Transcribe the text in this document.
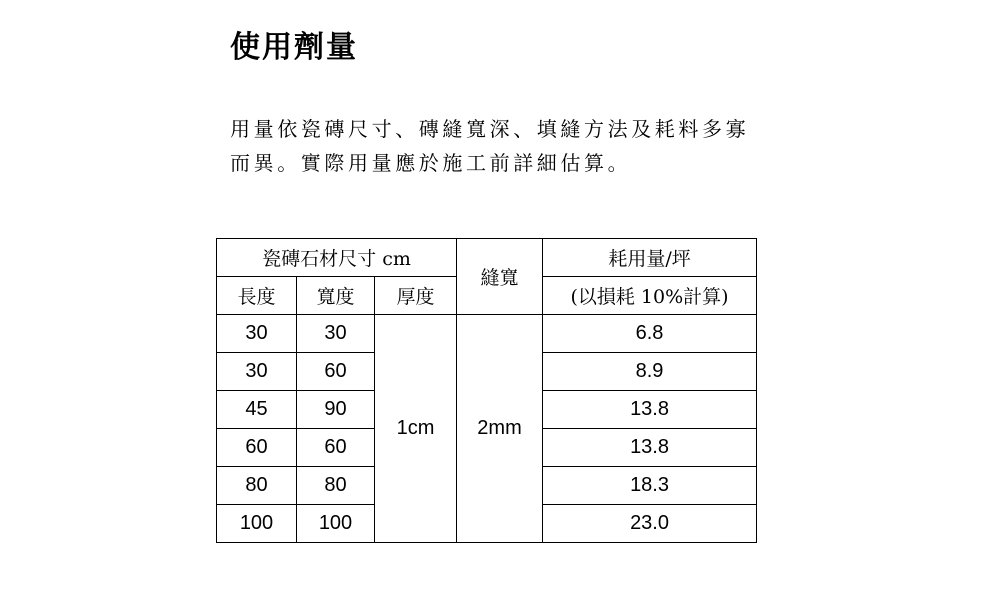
使用劑量

用量依瓷磚尺寸、磚縫寬深、填縫方法及耗料多寡而異。實際用量應於施工前詳細估算。

瓷磚石材尺寸 cm			縫寬	耗用量/坪
長度	寬度	厚度		(以損耗 10%計算)
30	30	1cm	2mm	6.8
30	60			8.9
45	90			13.8
60	60			13.8
80	80			18.3
100	100			23.0
